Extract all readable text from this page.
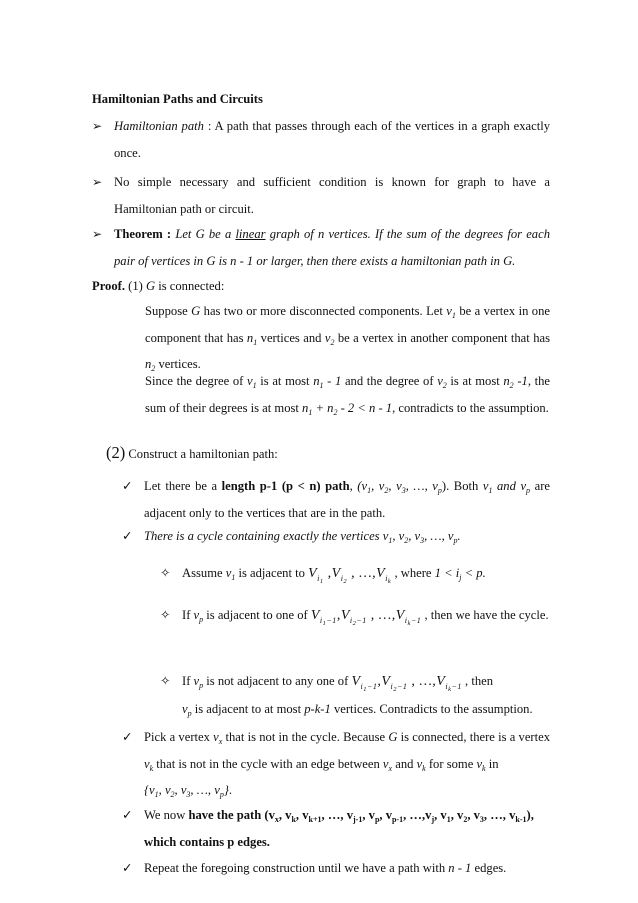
Hamiltonian Paths and Circuits
➢ Hamiltonian path : A path that passes through each of the vertices in a graph exactly once.
➢ No simple necessary and sufficient condition is known for graph to have a Hamiltonian path or circuit.
➢ Theorem : Let G be a linear graph of n vertices. If the sum of the degrees for each pair of vertices in G is n - 1 or larger, then there exists a hamiltonian path in G.
Proof. (1) G is connected:
Suppose G has two or more disconnected components. Let $v_1$ be a vertex in one component that has $n_1$ vertices and $v_2$ be a vertex in another component that has $n_2$ vertices.
Since the degree of $v_1$ is at most $n_1 - 1$ and the degree of $v_2$ is at most $n_2$ -1, the sum of their degrees is at most $n_1 + n_2 - 2 < n - 1$, contradicts to the assumption.
(2) Construct a hamiltonian path:
✓ Let there be a length p-1 (p < n) path, ($v_1$, $v_2$, $v_3$, …, $v_p$). Both $v_1$ and $v_p$ are adjacent only to the vertices that are in the path.
✓ There is a cycle containing exactly the vertices $v_1$, $v_2$, $v_3$, …, $v_p$.
✧ Assume $v_1$ is adjacent to $V_{i_1}$ $,V_{i_2}$ , $\dots,V_{i_k}$ , where $1 < i_j < p$.
✧ If $v_p$ is adjacent to one of $V_{i_1-1},V_{i_2-1}$ , $\dots,V_{i_k-1}$ , then we have the cycle.
✧ If $v_p$ is not adjacent to any one of $V_{i_1-1},V_{i_2-1}$ , $\dots,V_{i_k-1}$ , then
$v_p$ is adjacent to at most p-k-1 vertices. Contradicts to the assumption.
✓ Pick a vertex $v_x$ that is not in the cycle. Because G is connected, there is a vertex $v_k$ that is not in the cycle with an edge between $v_x$ and $v_k$ for some $v_k$ in
{$v_1$, $v_2$, $v_3$, …, $v_p$}.
✓ We now have the path ($v_x$, $v_k$, $v_{k+1}$, …, $v_{j-1}$, $v_p$, $v_{p-1}$, $\dots,v_j$, $v_1$, $v_2$, $v_3$, …, $v_{k-1}$),
which contains p edges.
✓ Repeat the foregoing construction until we have a path with n - 1 edges.
